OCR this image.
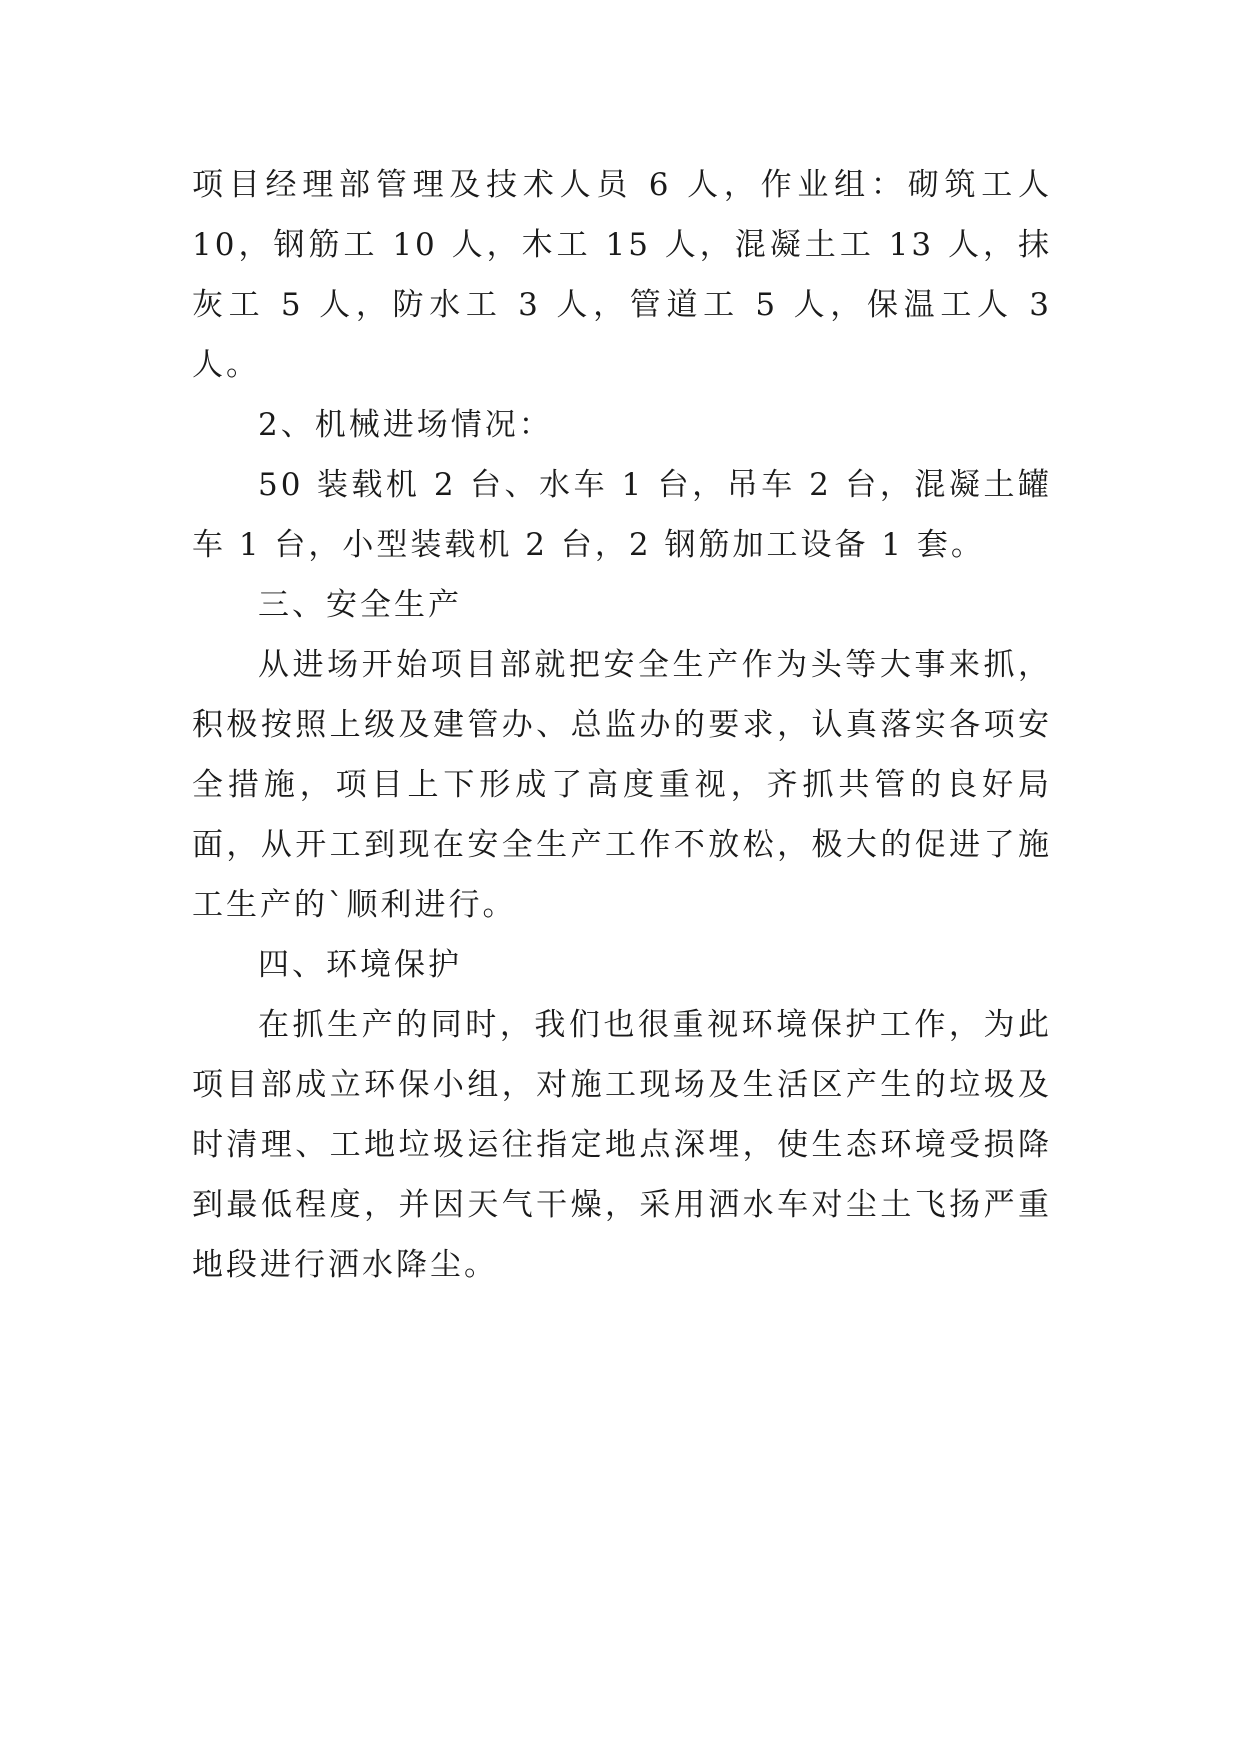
项目经理部管理及技术人员 6 人，作业组：砌筑工人 10，钢筋工 10 人，木工 15 人，混凝土工 13 人，抹灰工 5 人，防水工 3 人，管道工 5 人，保温工人 3 人。

2、机械进场情况：

50 装载机 2 台、水车 1 台，吊车 2 台，混凝土罐车 1 台，小型装载机 2 台，2 钢筋加工设备 1 套。

三、安全生产

从进场开始项目部就把安全生产作为头等大事来抓，积极按照上级及建管办、总监办的要求，认真落实各项安全措施，项目上下形成了高度重视，齐抓共管的良好局面，从开工到现在安全生产工作不放松，极大的促进了施工生产的`顺利进行。

四、环境保护

在抓生产的同时，我们也很重视环境保护工作，为此项目部成立环保小组，对施工现场及生活区产生的垃圾及时清理、工地垃圾运往指定地点深埋，使生态环境受损降到最低程度，并因天气干燥，采用洒水车对尘土飞扬严重地段进行洒水降尘。
